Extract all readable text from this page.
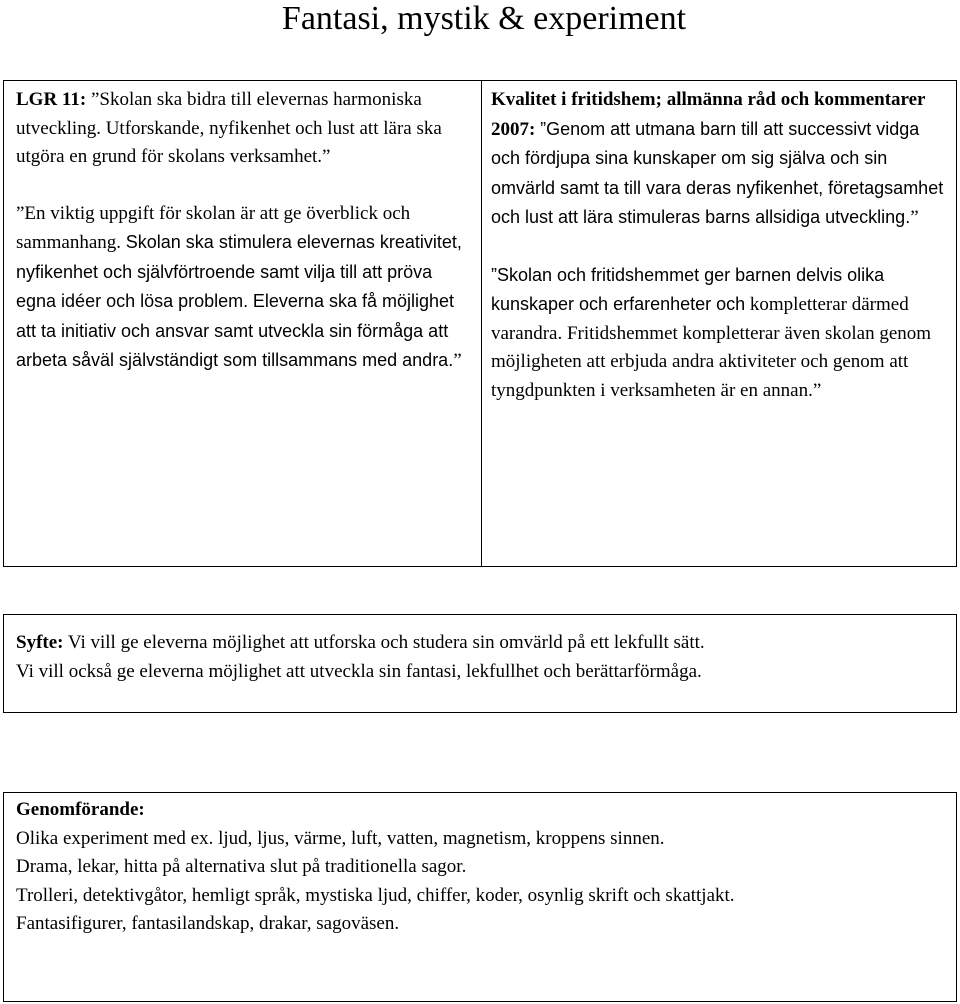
Fantasi, mystik & experiment

LGR 11: ”Skolan ska bidra till elevernas harmoniska utveckling. Utforskande, nyfikenhet och lust att lära ska utgöra en grund för skolans verksamhet.”

”En viktig uppgift för skolan är att ge överblick och sammanhang. Skolan ska stimulera elevernas kreativitet, nyfikenhet och självförtroende samt vilja till att pröva egna idéer och lösa problem. Eleverna ska få möjlighet att ta initiativ och ansvar samt utveckla sin förmåga att arbeta såväl självständigt som tillsammans med andra.”

Kvalitet i fritidshem; allmänna råd och kommentarer 2007: ”Genom att utmana barn till att successivt vidga och fördjupa sina kunskaper om sig själva och sin omvärld samt ta till vara deras nyfikenhet, företagsamhet och lust att lära stimuleras barns allsidiga utveckling.”

”Skolan och fritidshemmet ger barnen delvis olika kunskaper och erfarenheter och kompletterar därmed varandra. Fritidshemmet kompletterar även skolan genom möjligheten att erbjuda andra aktiviteter och genom att tyngdpunkten i verksamheten är en annan.”

Syfte: Vi vill ge eleverna möjlighet att utforska och studera sin omvärld på ett lekfullt sätt.

Vi vill också ge eleverna möjlighet att utveckla sin fantasi, lekfullhet och berättarförmåga.

Genomförande:

Olika experiment med ex. ljud, ljus, värme, luft, vatten, magnetism, kroppens sinnen.

Drama, lekar, hitta på alternativa slut på traditionella sagor.

Trolleri, detektivgåtor, hemligt språk, mystiska ljud, chiffer, koder, osynlig skrift och skattjakt.

Fantasifigurer, fantasilandskap, drakar, sagoväsen.
